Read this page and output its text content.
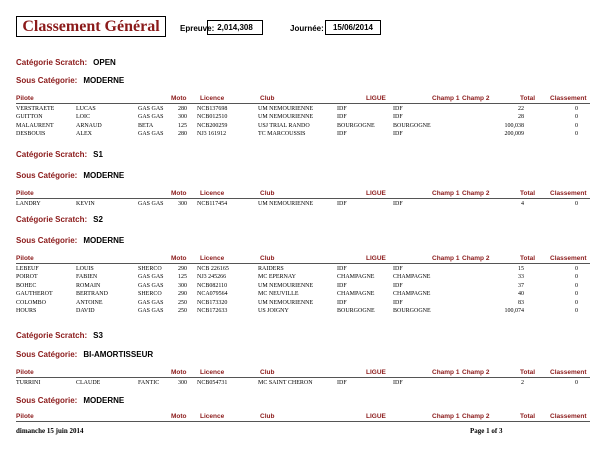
Classement Général	Epreuve: 2,014,308	Journée:	15/06/2014
Catégorie Scratch: OPEN
Sous Catégorie: MODERNE
Pilote	Moto Licence	Club	LIGUE	Champ 1 Champ 2	Total Classement
VERSTRAETE	LUCAS	GAS GAS 280 NCB137698	UM NEMOURIENNE	IDF	IDF	22	0
GUITTON	LOIC	GAS GAS 300 NCB012510	UM NEMOURIENNE	IDF	IDF	28	0
MALAURENT	ARNAUD	BETA	125 NCB200259	USJ TRIAL RANDO	BOURGOGNE	BOURGOGNE	100,038	0
DESBOUIS	ALEX	GAS GAS 280 NJ3 161912	TC MARCOUSSIS	IDF	IDF	200,009	0
Catégorie Scratch: S1
Sous Catégorie: MODERNE
Pilote	Moto Licence	Club	LIGUE	Champ 1 Champ 2	Total Classement
LANDRY	KEVIN	GAS GAS 300 NCB117454	UM NEMOURIENNE	IDF	IDF	4	0
Catégorie Scratch: S2
Sous Catégorie: MODERNE
Pilote	Moto Licence	Club	LIGUE	Champ 1 Champ 2	Total Classement
LEBEUF	LOUIS	SHERCO	290 NCB 226165	RAIDERS	IDF	IDF	15	0
POIROT	FABIEN	GAS GAS 125 NJ3 245266	MC EPERNAY	CHAMPAGNE	CHAMPAGNE	33	0
BOHEC	ROMAIN	GAS GAS 300 NCB082110	UM NEMOURIENNE	IDF	IDF	37	0
GAUTHEROT	BERTRAND	SHERCO	290 NCA079564	MC NEUVILLE	CHAMPAGNE	CHAMPAGNE	40	0
COLOMBO	ANTOINE	GAS GAS 250 NCB173320	UM NEMOURIENNE	IDF	IDF	83	0
HOURS	DAVID	GAS GAS 250 NCB172633	US JOIGNY	BOURGOGNE	BOURGOGNE	100,074	0
Catégorie Scratch: S3
Sous Catégorie: BI-AMORTISSEUR
Pilote	Moto Licence	Club	LIGUE	Champ 1 Champ 2	Total Classement
TURRINI	CLAUDE	FANTIC	300 NCB054731	MC SAINT CHERON	IDF	IDF	2	0
Sous Catégorie: MODERNE
Pilote	Moto Licence	Club	LIGUE	Champ 1 Champ 2	Total Classement
dimanche 15 juin 2014	Page 1 of 3
